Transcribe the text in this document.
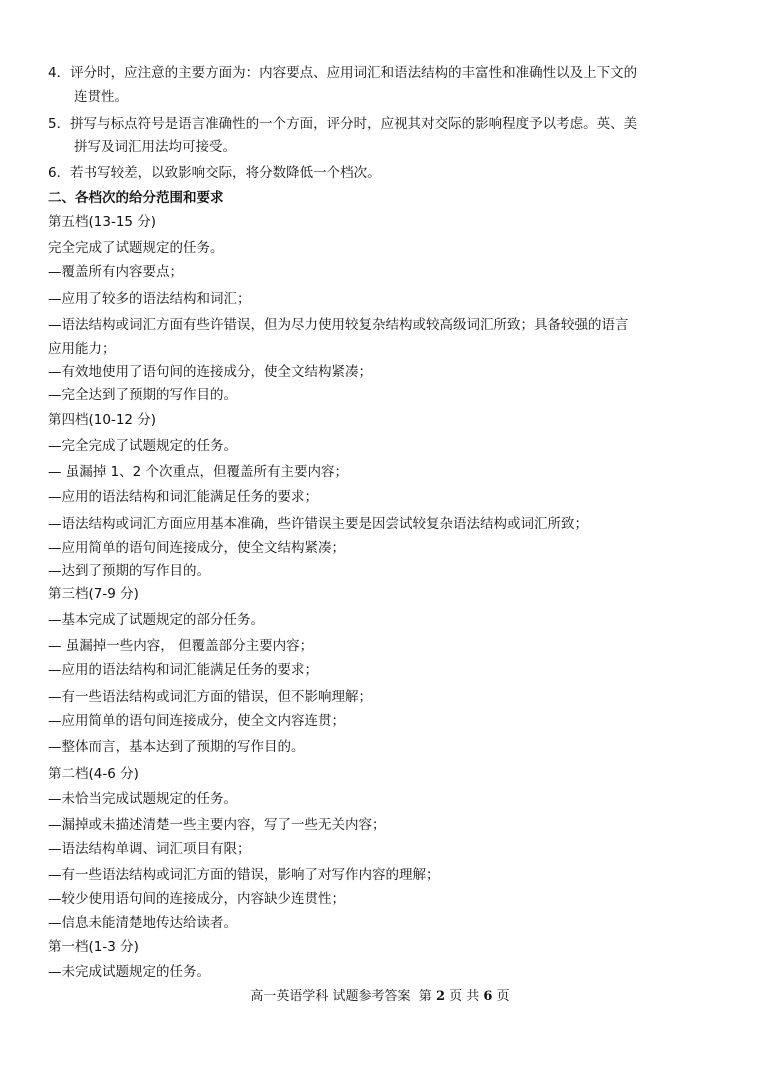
4．评分时，应注意的主要方面为：内容要点、应用词汇和语法结构的丰富性和准确性以及上下文的
连贯性。
5．拼写与标点符号是语言准确性的一个方面，评分时，应视其对交际的影响程度予以考虑。英、美
拼写及词汇用法均可接受。
6．若书写较差，以致影响交际，将分数降低一个档次。
二、各档次的给分范围和要求
第五档(13-15 分)
完全完成了试题规定的任务。
—覆盖所有内容要点；
—应用了较多的语法结构和词汇；
—语法结构或词汇方面有些许错误，但为尽力使用较复杂结构或较高级词汇所致；具备较强的语言
应用能力；
—有效地使用了语句间的连接成分，使全文结构紧凑；
—完全达到了预期的写作目的。
第四档(10-12 分)
—完全完成了试题规定的任务。
— 虽漏掉 1、2 个次重点，但覆盖所有主要内容；
—应用的语法结构和词汇能满足任务的要求；
—语法结构或词汇方面应用基本准确，些许错误主要是因尝试较复杂语法结构或词汇所致；
—应用简单的语句间连接成分，使全文结构紧凑；
—达到了预期的写作目的。
第三档(7-9 分)
—基本完成了试题规定的部分任务。
— 虽漏掉一些内容， 但覆盖部分主要内容；
—应用的语法结构和词汇能满足任务的要求；
—有一些语法结构或词汇方面的错误，但不影响理解；
—应用简单的语句间连接成分，使全文内容连贯；
—整体而言，基本达到了预期的写作目的。
第二档(4-6 分)
—未恰当完成试题规定的任务。
—漏掉或未描述清楚一些主要内容，写了一些无关内容；
—语法结构单调、词汇项目有限；
—有一些语法结构或词汇方面的错误，影响了对写作内容的理解；
—较少使用语句间的连接成分，内容缺少连贯性；
—信息未能清楚地传达给读者。
第一档(1-3 分)
—未完成试题规定的任务。
高一英语学科 试题参考答案 第 2 页 共 6 页
